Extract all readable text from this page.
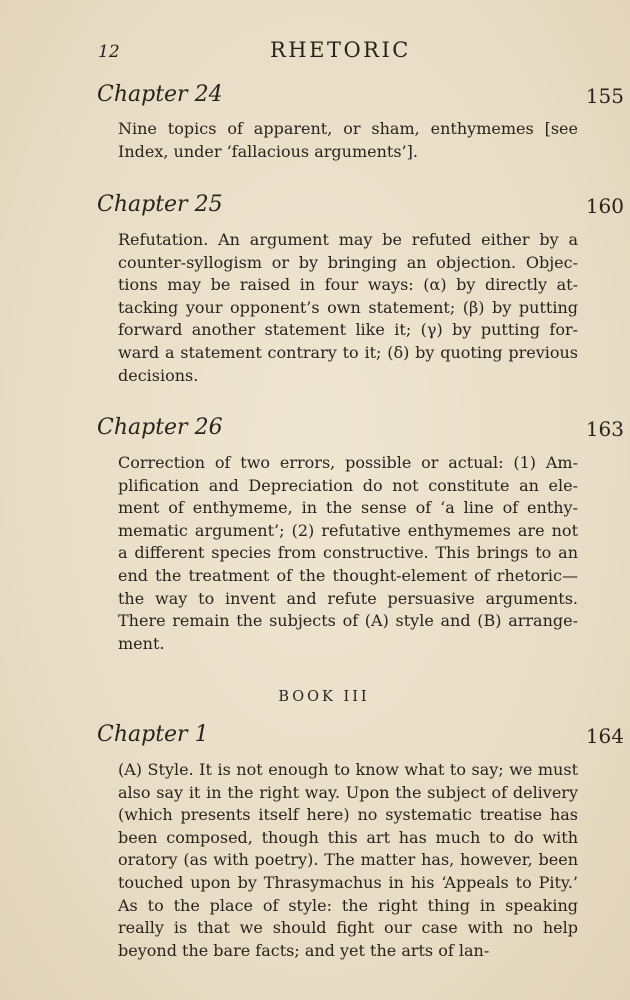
12	RHETORIC
Chapter 24	155
Nine topics of apparent, or sham, enthymemes [see Index, under ‘fallacious arguments’].
Chapter 25	160
Refutation. An argument may be refuted either by a counter-syllogism or by bringing an objection. Objections may be raised in four ways: (α) by directly attacking your opponent’s own statement; (β) by putting forward another statement like it; (γ) by putting forward a statement contrary to it; (δ) by quoting previous decisions.
Chapter 26	163
Correction of two errors, possible or actual: (1) Amplification and Depreciation do not constitute an element of enthymeme, in the sense of ‘a line of enthymematic argument’; (2) refutative enthymemes are not a different species from constructive. This brings to an end the treatment of the thought-element of rhetoric— the way to invent and refute persuasive arguments. There remain the subjects of (A) style and (B) arrangement.
BOOK III
Chapter 1	164
(A) Style. It is not enough to know what to say; we must also say it in the right way. Upon the subject of delivery (which presents itself here) no systematic treatise has been composed, though this art has much to do with oratory (as with poetry). The matter has, however, been touched upon by Thrasymachus in his ‘Appeals to Pity.’ As to the place of style: the right thing in speaking really is that we should fight our case with no help beyond the bare facts; and yet the arts of lan-
